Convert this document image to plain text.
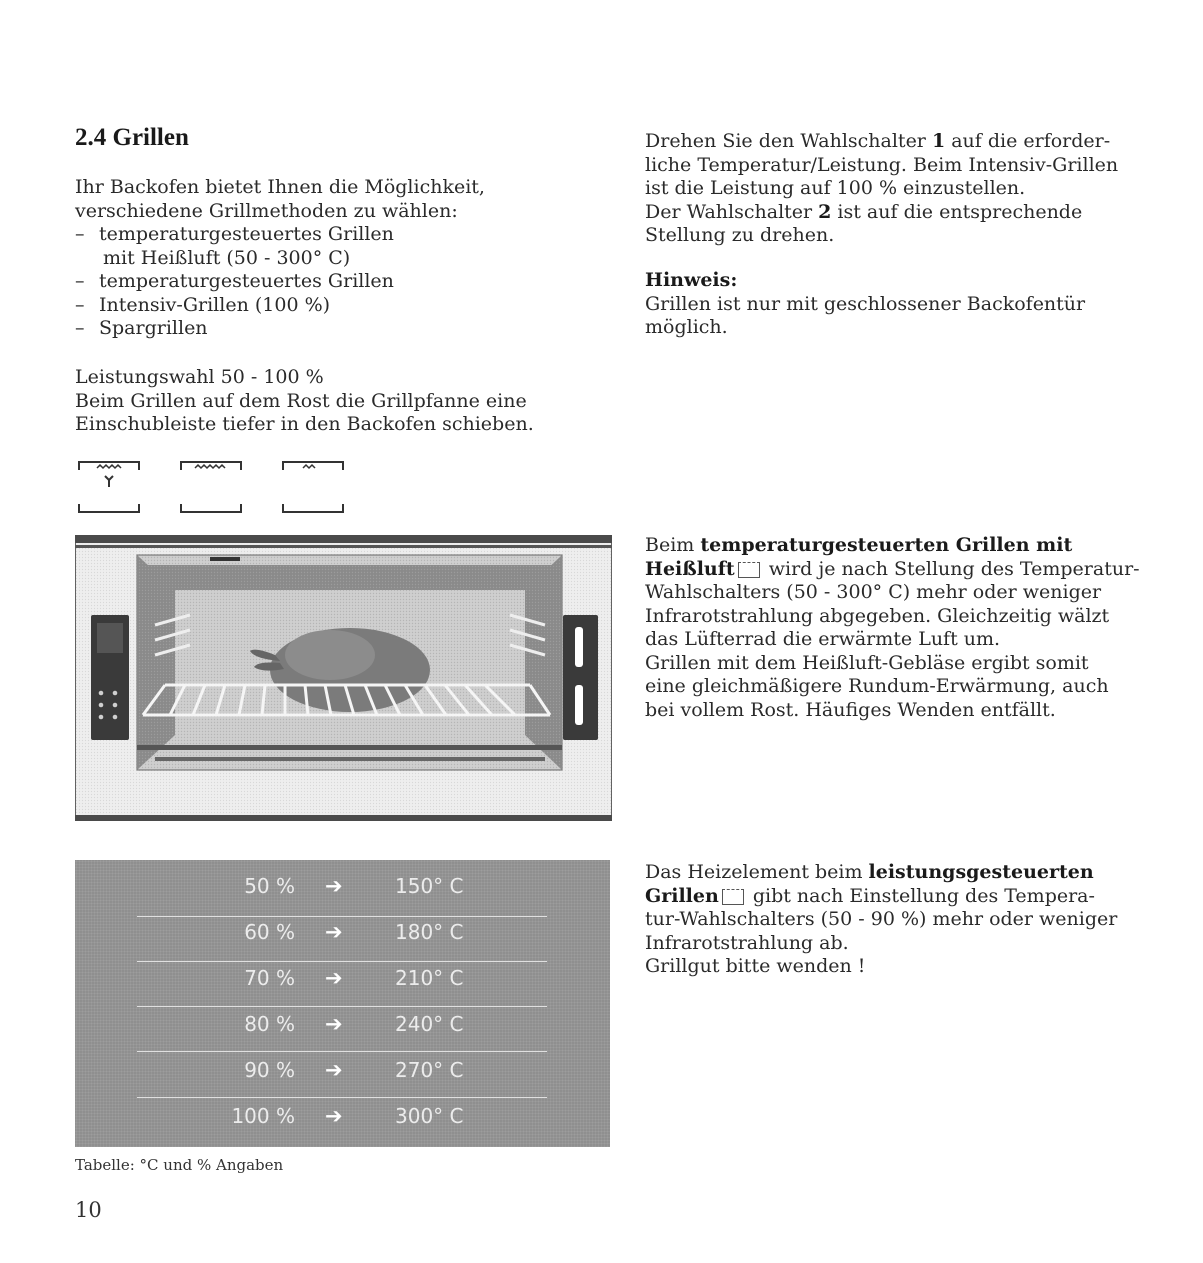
2.4 Grillen

Ihr Backofen bietet Ihnen die Möglichkeit,

verschiedene Grillmethoden zu wählen:

– temperaturgesteuertes Grillen
mit Heißluft (50 - 300° C)
– temperaturgesteuertes Grillen
– Intensiv-Grillen (100 %)
– Spargrillen

Leistungswahl 50 - 100 %

Beim Grillen auf dem Rost die Grillpfanne eine

Einschubleiste tiefer in den Backofen schieben.

50 % ➔	150° C
60 % ➔	180° C
70 % ➔	210° C
80 % ➔	240° C
90 % ➔	270° C
100 % ➔	300° C
Tabelle: °C und % Angaben
10

Drehen Sie den Wahlschalter 1 auf die erforder-

liche Temperatur/Leistung. Beim Intensiv-Grillen

ist die Leistung auf 100 % einzustellen.

Der Wahlschalter 2 ist auf die entsprechende

Stellung zu drehen.

Hinweis:

Grillen ist nur mit geschlossener Backofentür

möglich.

Beim temperaturgesteuerten Grillen mit

Heißluft wird je nach Stellung des Temperatur-

Wahlschalters (50 - 300° C) mehr oder weniger

Infrarotstrahlung abgegeben. Gleichzeitig wälzt

das Lüfterrad die erwärmte Luft um.

Grillen mit dem Heißluft-Gebläse ergibt somit

eine gleichmäßigere Rundum-Erwärmung, auch

bei vollem Rost. Häufiges Wenden entfällt.

Das Heizelement beim leistungsgesteuerten

Grillen gibt nach Einstellung des Tempera-

tur-Wahlschalters (50 - 90 %) mehr oder weniger

Infrarotstrahlung ab.

Grillgut bitte wenden !
